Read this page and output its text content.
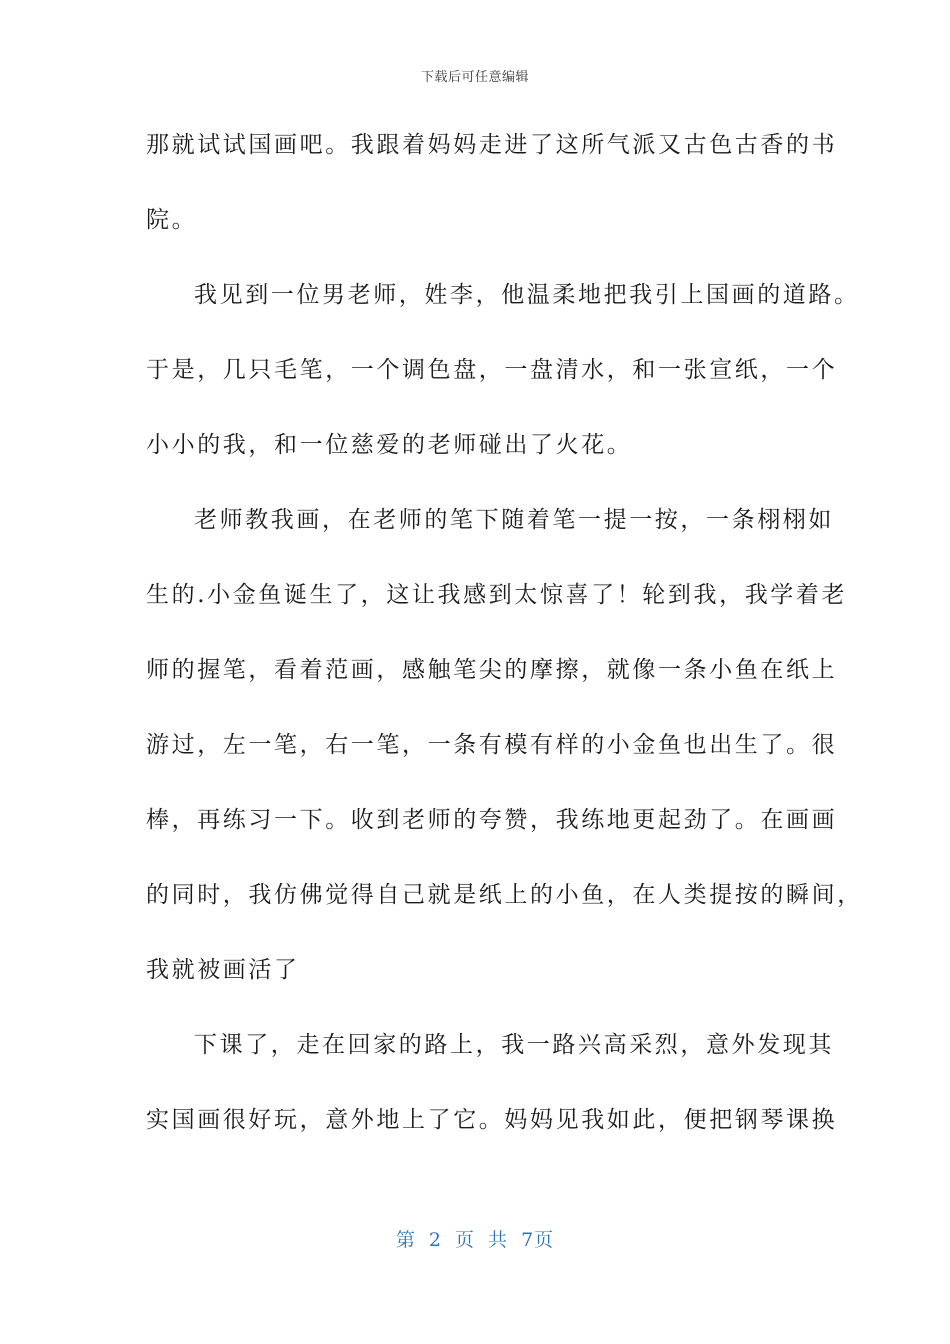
下载后可任意编辑
那就试试国画吧。我跟着妈妈走进了这所气派又古色古香的书
院。
我见到一位男老师，姓李，他温柔地把我引上国画的道路。
于是，几只毛笔，一个调色盘，一盘清水，和一张宣纸，一个
小小的我，和一位慈爱的老师碰出了火花。
老师教我画，在老师的笔下随着笔一提一按，一条栩栩如
生的.小金鱼诞生了，这让我感到太惊喜了！轮到我，我学着老
师的握笔，看着范画，感触笔尖的摩擦，就像一条小鱼在纸上
游过，左一笔，右一笔，一条有模有样的小金鱼也出生了。很
棒，再练习一下。收到老师的夸赞，我练地更起劲了。在画画
的同时，我仿佛觉得自己就是纸上的小鱼，在人类提按的瞬间，
我就被画活了
下课了，走在回家的路上，我一路兴高采烈，意外发现其
实国画很好玩，意外地上了它。妈妈见我如此，便把钢琴课换
第 2 页 共 7页
